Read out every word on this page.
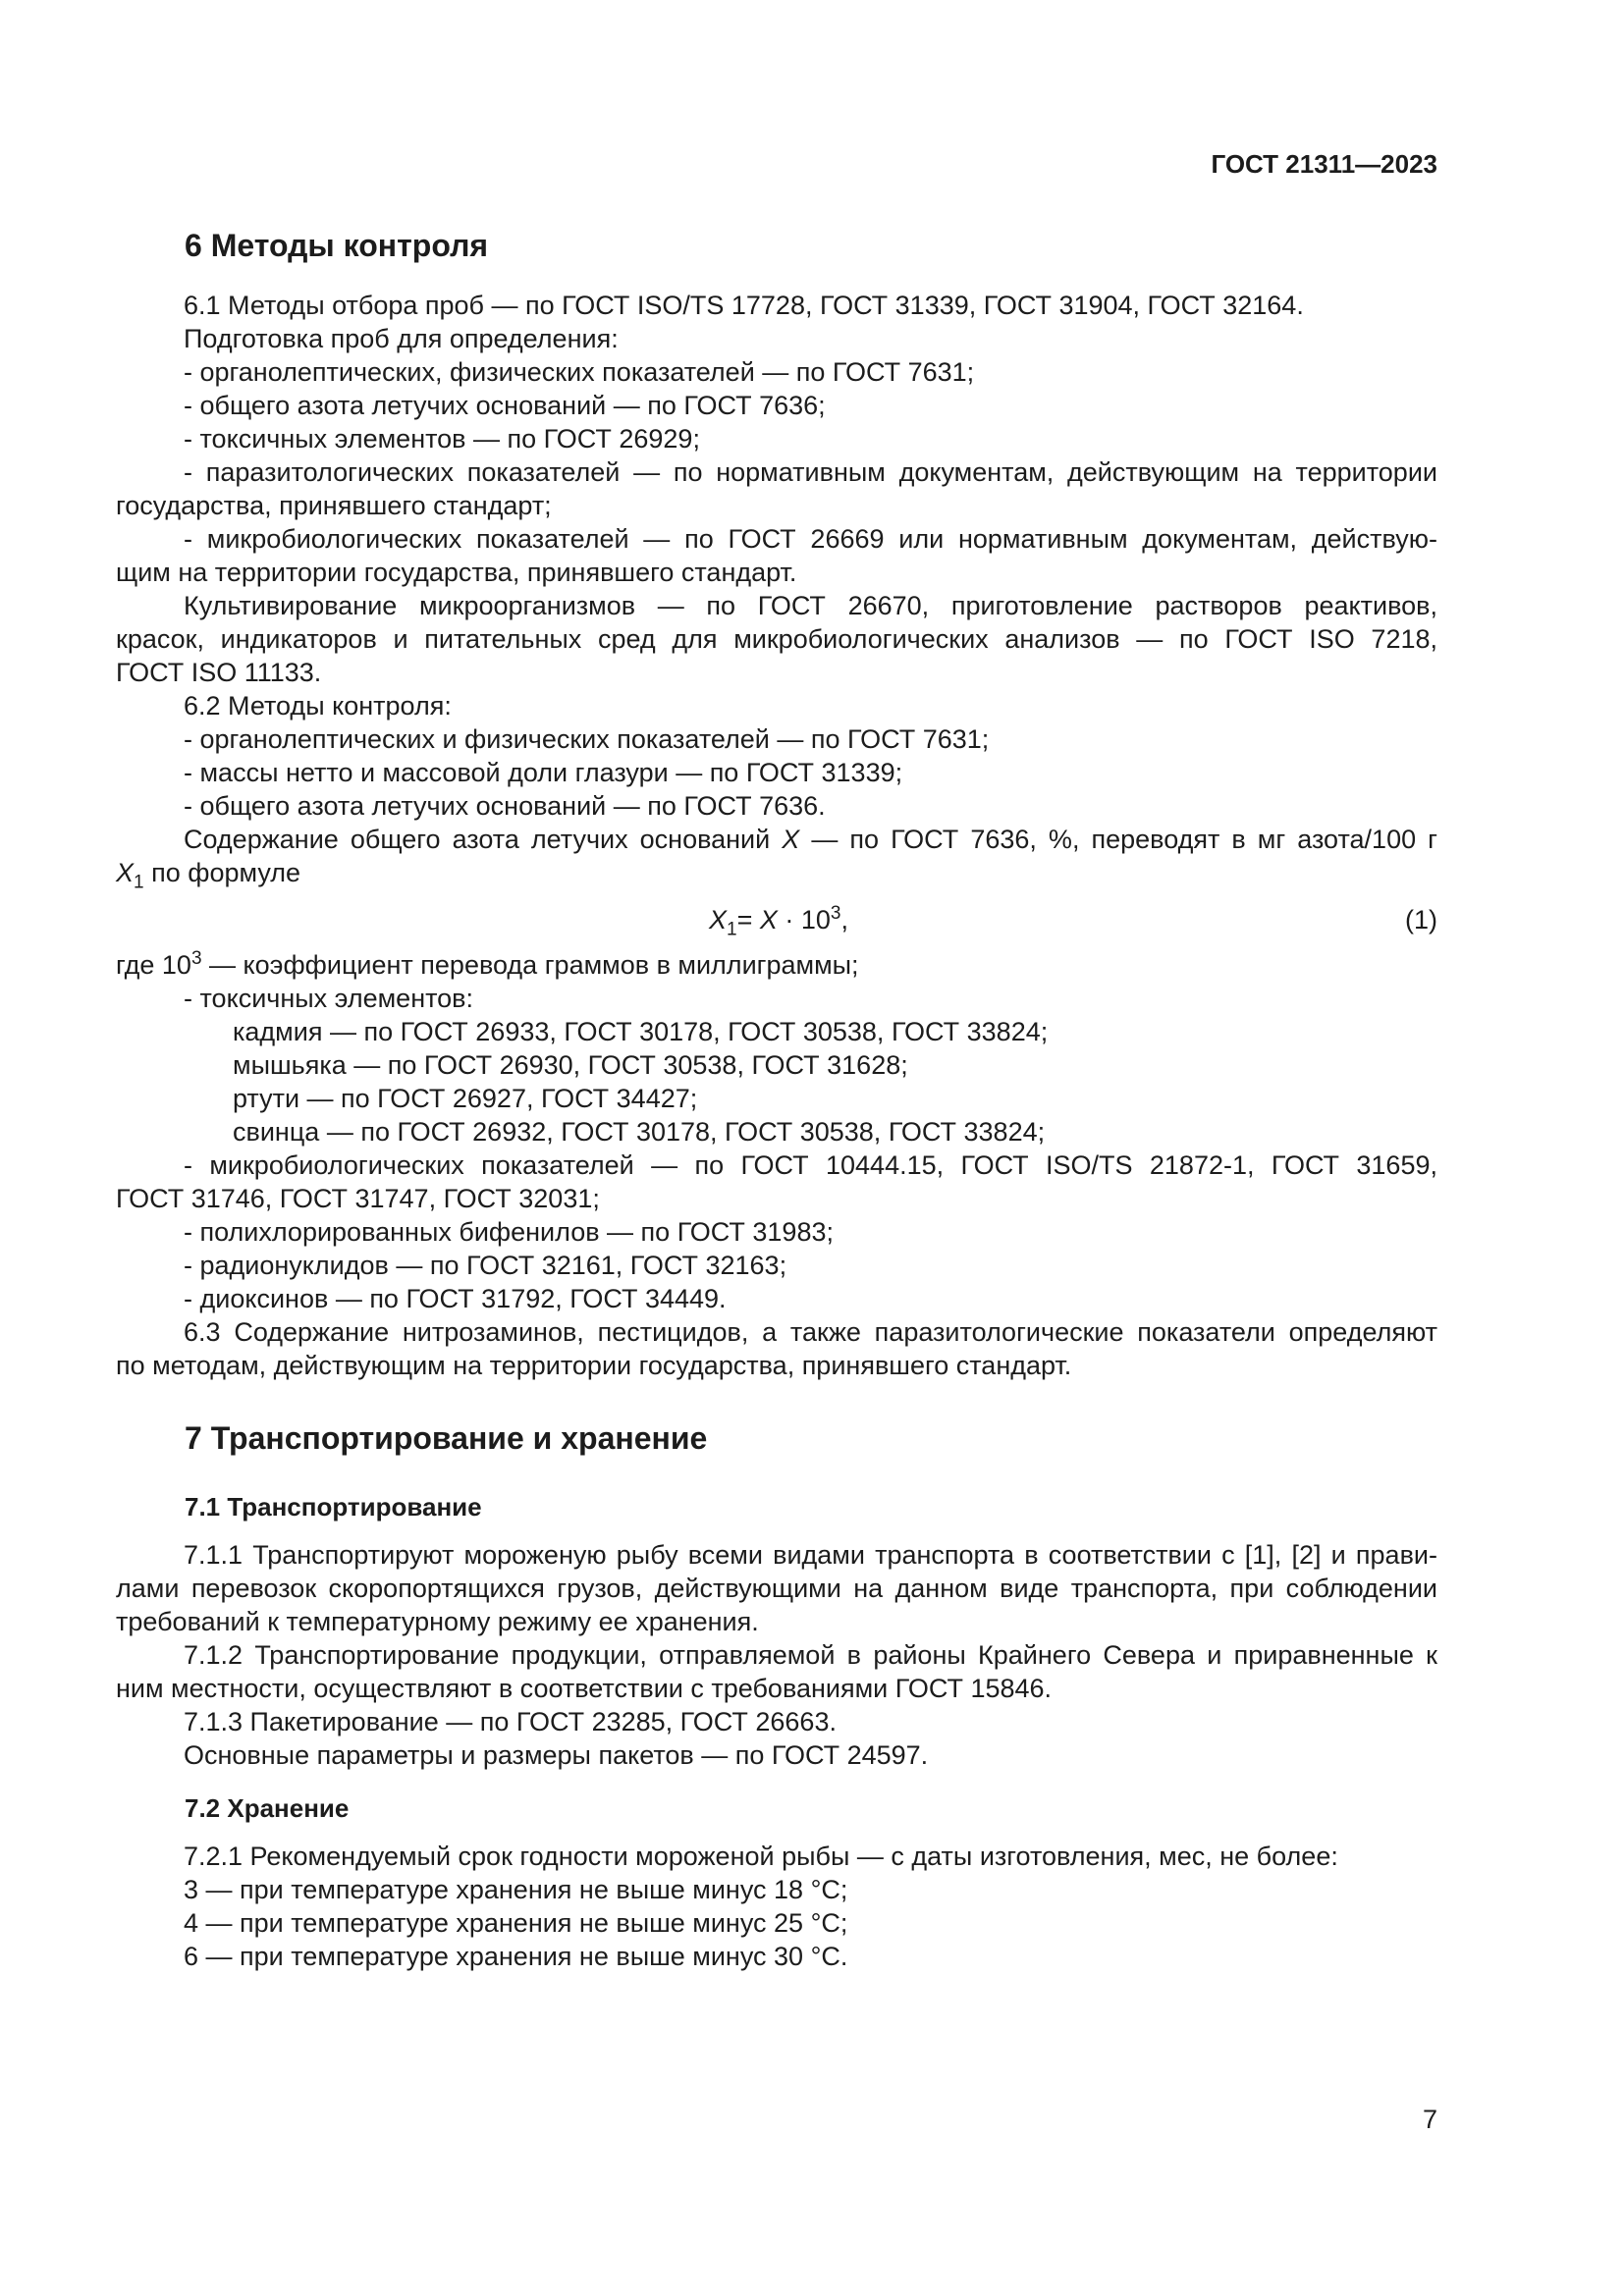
ГОСТ 21311—2023
6 Методы контроля
6.1 Методы отбора проб — по ГОСТ ISO/TS 17728, ГОСТ 31339, ГОСТ 31904, ГОСТ 32164.
Подготовка проб для определения:
- органолептических, физических показателей — по ГОСТ 7631;
- общего азота летучих оснований — по ГОСТ 7636;
- токсичных элементов — по ГОСТ 26929;
- паразитологических показателей — по нормативным документам, действующим на территории
государства, принявшего стандарт;
- микробиологических показателей — по ГОСТ 26669 или нормативным документам, действую-
щим на территории государства, принявшего стандарт.
Культивирование микроорганизмов — по ГОСТ 26670, приготовление растворов реактивов,
красок, индикаторов и питательных сред для микробиологических анализов — по ГОСТ ISO 7218,
ГОСТ ISO 11133.
6.2 Методы контроля:
- органолептических и физических показателей — по ГОСТ 7631;
- массы нетто и массовой доли глазури — по ГОСТ 31339;
- общего азота летучих оснований — по ГОСТ 7636.
Содержание общего азота летучих оснований X — по ГОСТ 7636, %, переводят в мг азота/100 г
$X_1$ по формуле
$X_1= X \cdot 10^3$,	(1)
где $10^3$ — коэффициент перевода граммов в миллиграммы;
- токсичных элементов:
кадмия — по ГОСТ 26933, ГОСТ 30178, ГОСТ 30538, ГОСТ 33824;
мышьяка — по ГОСТ 26930, ГОСТ 30538, ГОСТ 31628;
ртути — по ГОСТ 26927, ГОСТ 34427;
свинца — по ГОСТ 26932, ГОСТ 30178, ГОСТ 30538, ГОСТ 33824;
- микробиологических показателей — по ГОСТ 10444.15, ГОСТ ISO/TS 21872-1, ГОСТ 31659,
ГОСТ 31746, ГОСТ 31747, ГОСТ 32031;
- полихлорированных бифенилов — по ГОСТ 31983;
- радионуклидов — по ГОСТ 32161, ГОСТ 32163;
- диоксинов — по ГОСТ 31792, ГОСТ 34449.
6.3 Содержание нитрозаминов, пестицидов, а также паразитологические показатели определяют
по методам, действующим на территории государства, принявшего стандарт.
7 Транспортирование и хранение
7.1 Транспортирование
7.1.1 Транспортируют мороженую рыбу всеми видами транспорта в соответствии с [1], [2] и прави-
лами перевозок скоропортящихся грузов, действующими на данном виде транспорта, при соблюдении
требований к температурному режиму ее хранения.
7.1.2 Транспортирование продукции, отправляемой в районы Крайнего Севера и приравненные к
ним местности, осуществляют в соответствии с требованиями ГОСТ 15846.
7.1.3 Пакетирование — по ГОСТ 23285, ГОСТ 26663.
Основные параметры и размеры пакетов — по ГОСТ 24597.
7.2 Хранение
7.2.1 Рекомендуемый срок годности мороженой рыбы — с даты изготовления, мес, не более:
3 — при температуре хранения не выше минус 18 °С;
4 — при температуре хранения не выше минус 25 °С;
6 — при температуре хранения не выше минус 30 °С.
7
